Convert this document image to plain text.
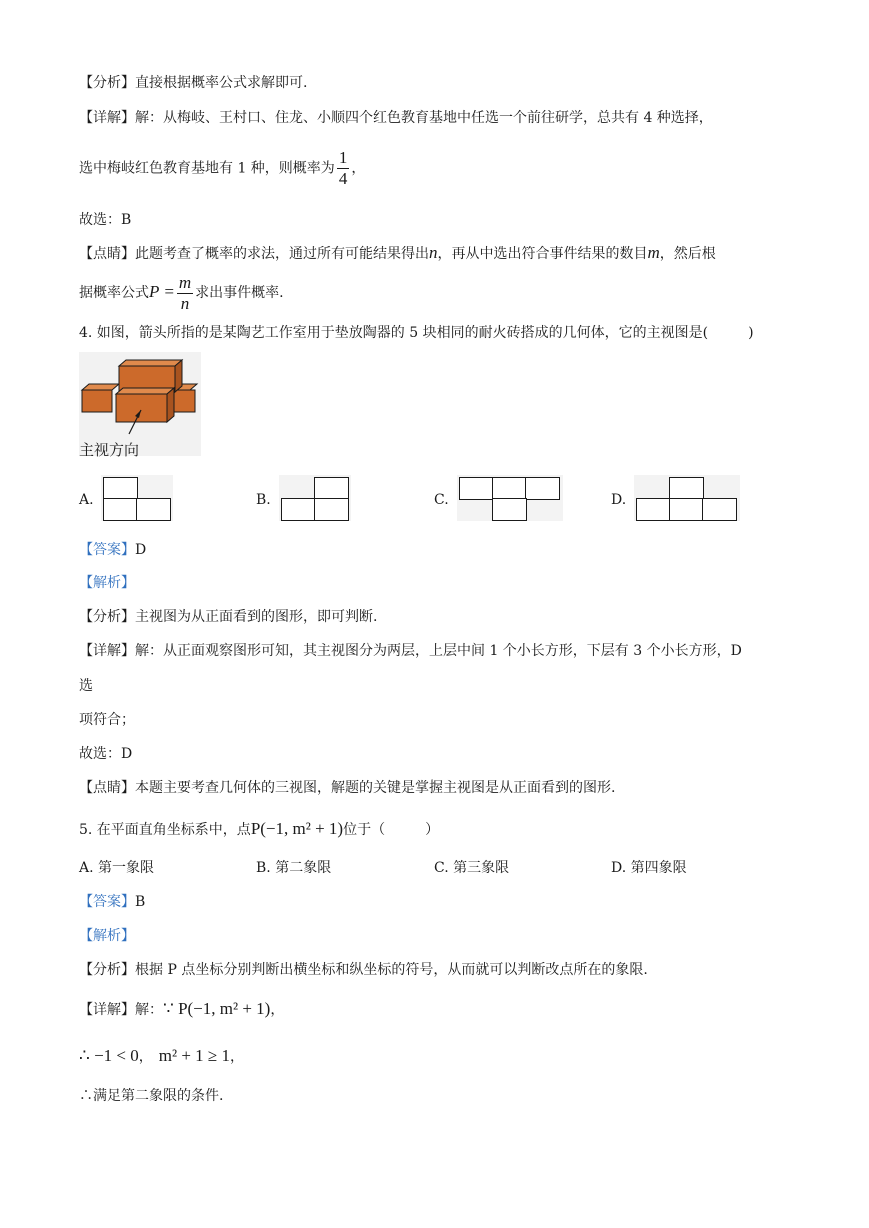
【分析】直接根据概率公式求解即可.
【详解】解：从梅岐、王村口、住龙、小顺四个红色教育基地中任选一个前往研学，总共有 4 种选择，
选中梅岐红色教育基地有 1 种，则概率为 $\frac{1}{4}$ ，
故选：B
【点睛】此题考查了概率的求法，通过所有可能结果得出n，再从中选出符合事件结果的数目m，然后根
据概率公式$P = \frac{m}{n}$ 求出事件概率.
4. 如图，箭头所指的是某陶艺工作室用于垫放陶器的 5 块相同的耐火砖搭成的几何体，它的主视图是(	)
主视方向
A.	B.	C.	D.
【答案】D
【解析】
【分析】主视图为从正面看到的图形，即可判断.
【详解】解：从正面观察图形可知，其主视图分为两层，上层中间 1 个小长方形，下层有 3 个小长方形，D
选
项符合；
故选：D
【点睛】本题主要考查几何体的三视图，解题的关键是掌握主视图是从正面看到的图形.
5. 在平面直角坐标系中，点P(−1, m² + 1)位于（	）
A. 第一象限	B. 第二象限	C. 第三象限	D. 第四象限
【答案】B
【解析】
【分析】根据 P 点坐标分别判断出横坐标和纵坐标的符号，从而就可以判断改点所在的象限.
【详解】解：∵ P(−1, m² + 1)，
∴ −1 < 0， m² + 1 ≥ 1，
∴满足第二象限的条件.
